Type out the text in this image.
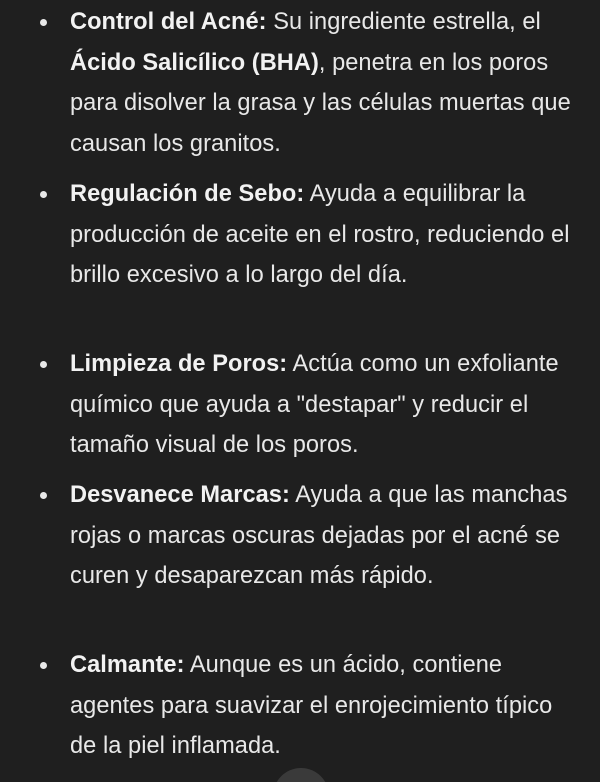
Control del Acné: Su ingrediente estrella, el Ácido Salicílico (BHA), penetra en los poros para disolver la grasa y las células muertas que causan los granitos.
Regulación de Sebo: Ayuda a equilibrar la producción de aceite en el rostro, reduciendo el brillo excesivo a lo largo del día.
Limpieza de Poros: Actúa como un exfoliante químico que ayuda a "destapar" y reducir el tamaño visual de los poros.
Desvanece Marcas: Ayuda a que las manchas rojas o marcas oscuras dejadas por el acné se curen y desaparezcan más rápido.
Calmante: Aunque es un ácido, contiene agentes para suavizar el enrojecimiento típico de la piel inflamada.
